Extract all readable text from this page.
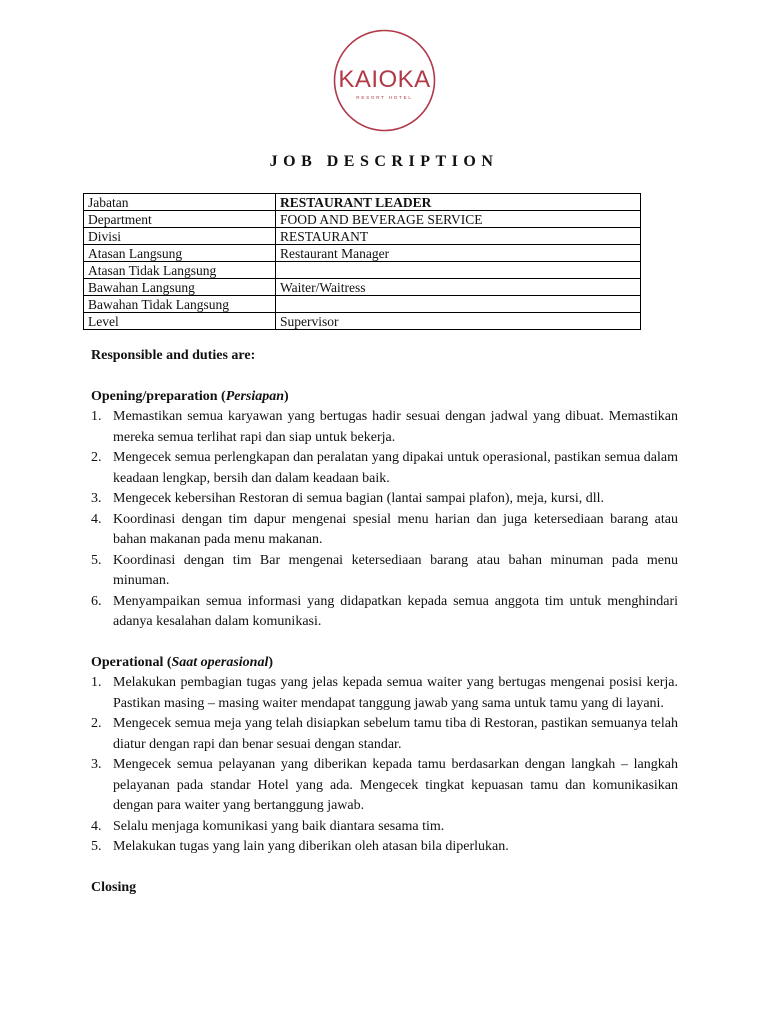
KAIOKA
RESORT HOTEL
JOB DESCRIPTION
Jabatan	RESTAURANT LEADER
Department	FOOD AND BEVERAGE SERVICE
Divisi	RESTAURANT
Atasan Langsung	Restaurant Manager
Atasan Tidak Langsung	
Bawahan Langsung	Waiter/Waitress
Bawahan Tidak Langsung	
Level	Supervisor
Responsible and duties are:
Opening/preparation (Persiapan)
1. Memastikan semua karyawan yang bertugas hadir sesuai dengan jadwal yang dibuat. Memastikan mereka semua terlihat rapi dan siap untuk bekerja.
2. Mengecek semua perlengkapan dan peralatan yang dipakai untuk operasional, pastikan semua dalam keadaan lengkap, bersih dan dalam keadaan baik.
3. Mengecek kebersihan Restoran di semua bagian (lantai sampai plafon), meja, kursi, dll.
4. Koordinasi dengan tim dapur mengenai spesial menu harian dan juga ketersediaan barang atau bahan makanan pada menu makanan.
5. Koordinasi dengan tim Bar mengenai ketersediaan barang atau bahan minuman pada menu minuman.
6. Menyampaikan semua informasi yang didapatkan kepada semua anggota tim untuk menghindari adanya kesalahan dalam komunikasi.
Operational (Saat operasional)
1. Melakukan pembagian tugas yang jelas kepada semua waiter yang bertugas mengenai posisi kerja. Pastikan masing – masing waiter mendapat tanggung jawab yang sama untuk tamu yang di layani.
2. Mengecek semua meja yang telah disiapkan sebelum tamu tiba di Restoran, pastikan semuanya telah diatur dengan rapi dan benar sesuai dengan standar.
3. Mengecek semua pelayanan yang diberikan kepada tamu berdasarkan dengan langkah – langkah pelayanan pada standar Hotel yang ada. Mengecek tingkat kepuasan tamu dan komunikasikan dengan para waiter yang bertanggung jawab.
4. Selalu menjaga komunikasi yang baik diantara sesama tim.
5. Melakukan tugas yang lain yang diberikan oleh atasan bila diperlukan.
Closing
